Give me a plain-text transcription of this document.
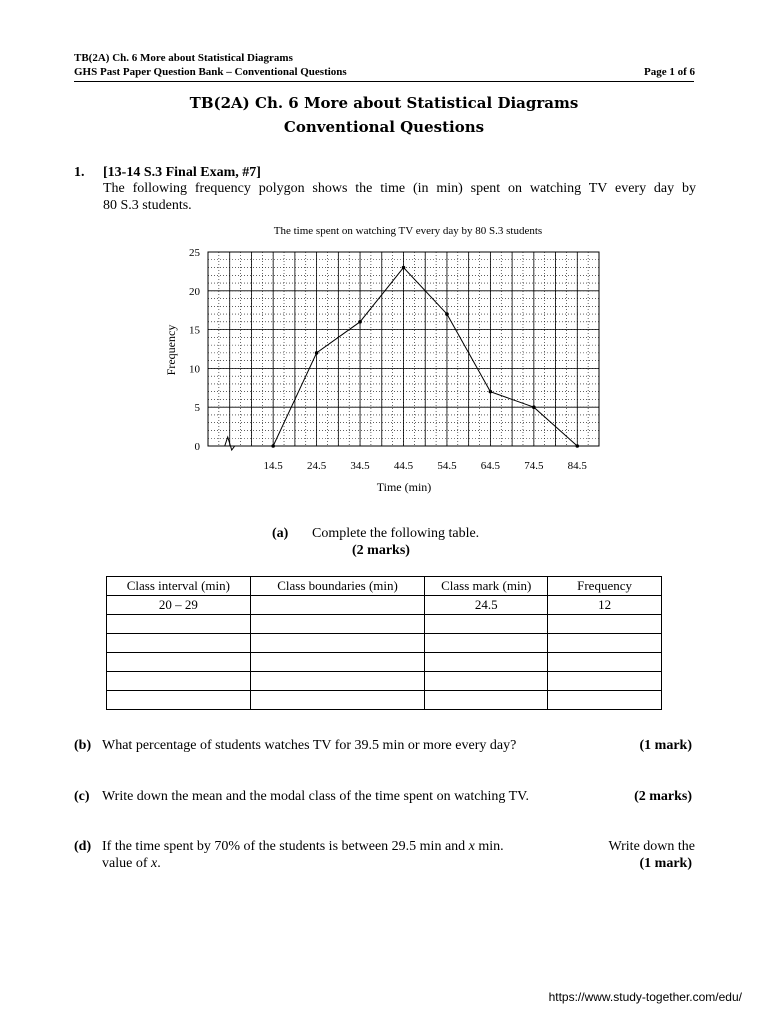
TB(2A) Ch. 6 More about Statistical Diagrams
GHS Past Paper Question Bank – Conventional Questions	Page 1 of 6
TB(2A) Ch. 6 More about Statistical Diagrams
Conventional Questions
1. [13-14 S.3 Final Exam, #7]
The following frequency polygon shows the time (in min) spent on watching TV every day by
80 S.3 students.
The time spent on watching TV every day by 80 S.3 students
0
5
10
15
20
25
14.5 24.5 34.5 44.5 54.5 64.5 74.5 84.5
Frequency
Time (min)
(a) Complete the following table.
(2 marks)
Class interval (min)	Class boundaries (min)	Class mark (min)	Frequency
20 – 29		24.5	12

(b) What percentage of students watches TV for 39.5 min or more every day?	(1 mark)
(c) Write down the mean and the modal class of the time spent on watching TV.	(2 marks)
(d) If the time spent by 70% of the students is between 29.5 min and x min.	Write down the
value of x.	(1 mark)
https://www.study-together.com/edu/
